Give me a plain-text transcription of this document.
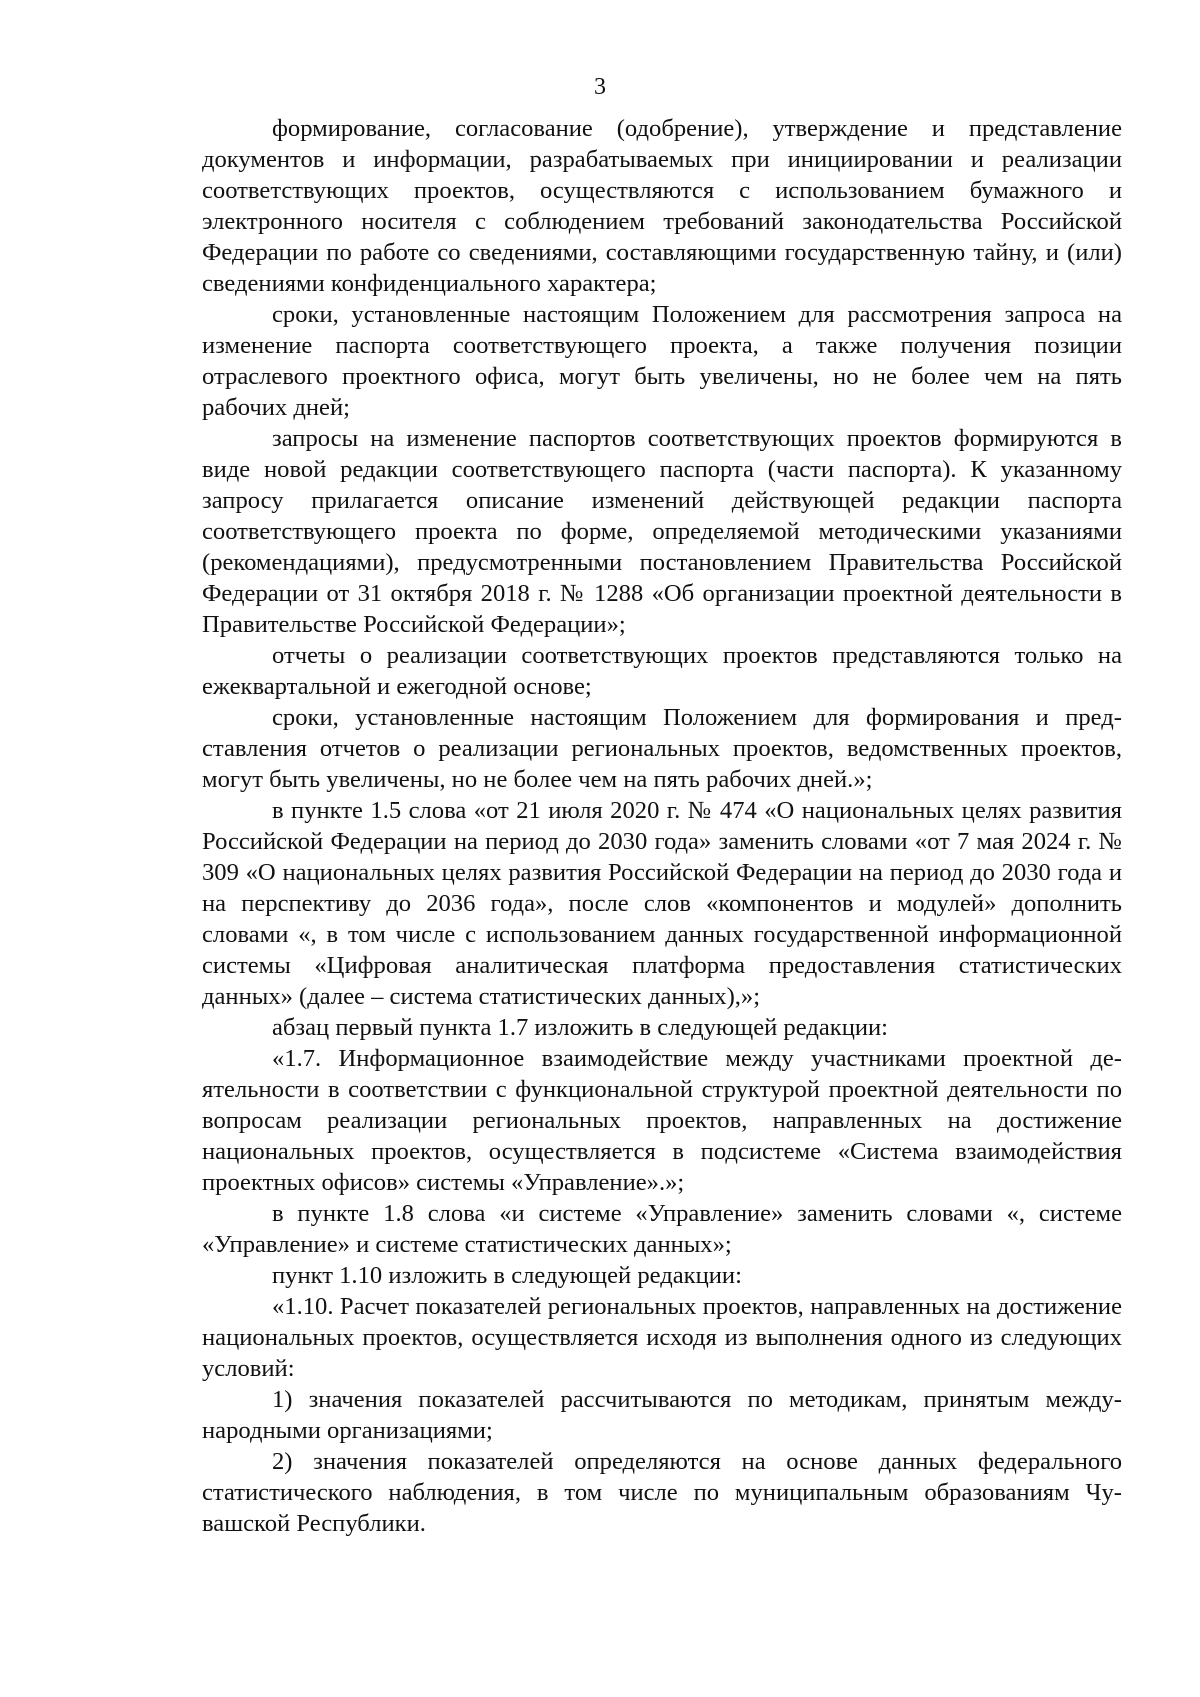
3

формирование, согласование (одобрение), утверждение и представление документов и информации, разрабатываемых при инициировании и реализации соответствующих проектов, осуществляются с использованием бумажного и электронного носителя с соблюдением требований законодательства Российской Федерации по работе со сведениями, составляющими государственную тайну, и (или) сведениями конфиденциального характера;

сроки, установленные настоящим Положением для рассмотрения запроса на изменение паспорта соответствующего проекта, а также получения позиции отраслевого проектного офиса, могут быть увеличены, но не более чем на пять рабочих дней;

запросы на изменение паспортов соответствующих проектов формируются в виде новой редакции соответствующего паспорта (части паспорта). К указанному запросу прилагается описание изменений действующей редакции паспорта соответствующего проекта по форме, определяемой методическими указаниями (рекомендациями), предусмотренными постановлением Правительства Российской Федерации от 31 октября 2018 г. № 1288 «Об организации проектной деятельности в Правительстве Российской Федерации»;

отчеты о реализации соответствующих проектов представляются только на ежеквартальной и ежегодной основе;

сроки, установленные настоящим Положением для формирования и представления отчетов о реализации региональных проектов, ведомственных проектов, могут быть увеличены, но не более чем на пять рабочих дней.»;

в пункте 1.5 слова «от 21 июля 2020 г. № 474 «О национальных целях развития Российской Федерации на период до 2030 года» заменить словами «от 7 мая 2024 г. № 309 «О национальных целях развития Российской Федерации на период до 2030 года и на перспективу до 2036 года», после слов «компонентов и модулей» дополнить словами «, в том числе с использованием данных государственной информационной системы «Цифровая аналитическая платформа предоставления статистических данных» (далее – система статистических данных),»;

абзац первый пункта 1.7 изложить в следующей редакции:

«1.7. Информационное взаимодействие между участниками проектной деятельности в соответствии с функциональной структурой проектной деятельности по вопросам реализации региональных проектов, направленных на достижение национальных проектов, осуществляется в подсистеме «Система взаимодействия проектных офисов» системы «Управление».»;

в пункте 1.8 слова «и системе «Управление» заменить словами «, системе «Управление» и системе статистических данных»;

пункт 1.10 изложить в следующей редакции:

«1.10. Расчет показателей региональных проектов, направленных на достижение национальных проектов, осуществляется исходя из выполнения одного из следующих условий:

1) значения показателей рассчитываются по методикам, принятым международными организациями;

2) значения показателей определяются на основе данных федерального статистического наблюдения, в том числе по муниципальным образованиям Чувашской Республики.
